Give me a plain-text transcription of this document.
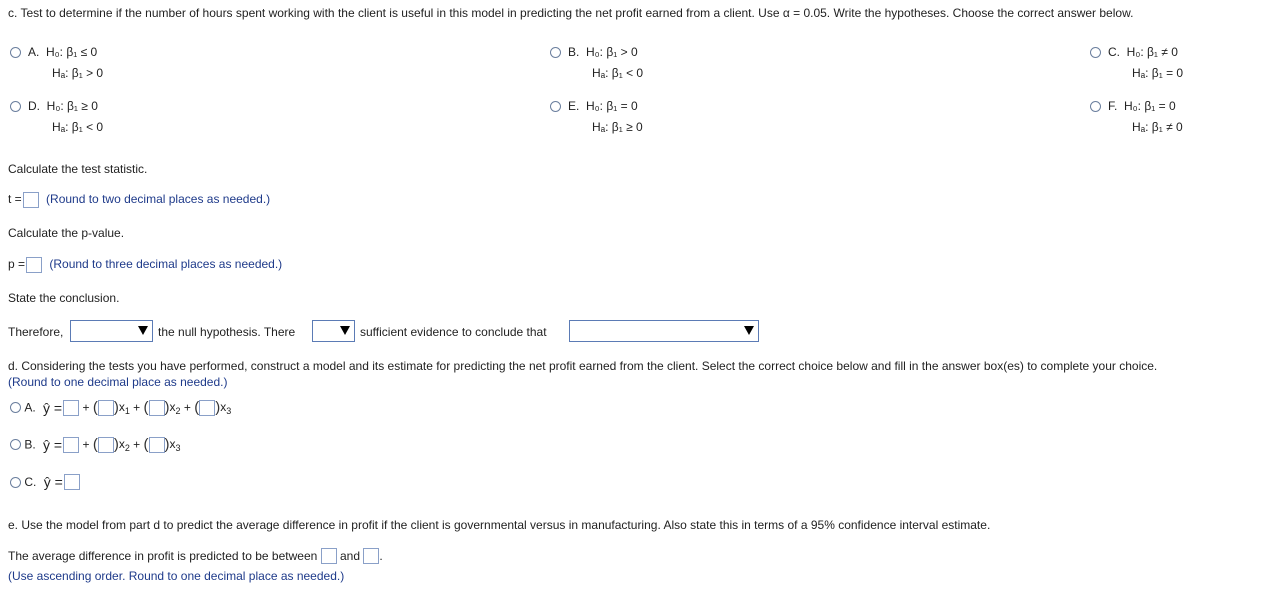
c. Test to determine if the number of hours spent working with the client is useful in this model in predicting the net profit earned from a client. Use α = 0.05. Write the hypotheses. Choose the correct answer below.
A. H₀: β₁ ≤ 0
Hₐ: β₁ > 0
B. H₀: β₁ > 0
Hₐ: β₁ < 0
C. H₀: β₁ ≠ 0
Hₐ: β₁ = 0
D. H₀: β₁ ≥ 0
Hₐ: β₁ < 0
E. H₀: β₁ = 0
Hₐ: β₁ ≥ 0
F. H₀: β₁ = 0
Hₐ: β₁ ≠ 0
Calculate the test statistic.
t = (Round to two decimal places as needed.)
Calculate the p-value.
p = (Round to three decimal places as needed.)
State the conclusion.
Therefore,	the null hypothesis. There	sufficient evidence to conclude that
d. Considering the tests you have performed, construct a model and its estimate for predicting the net profit earned from the client. Select the correct choice below and fill in the answer box(es) to complete your choice.
(Round to one decimal place as needed.)
A. ŷ = + ( )$x_1$ + ( )$x_2$ + ( )$x_3$
B. ŷ = + ( )$x_2$ + ( )$x_3$
C. ŷ =
e. Use the model from part d to predict the average difference in profit if the client is governmental versus in manufacturing. Also state this in terms of a 95% confidence interval estimate.
The average difference in profit is predicted to be between and .
(Use ascending order. Round to one decimal place as needed.)
